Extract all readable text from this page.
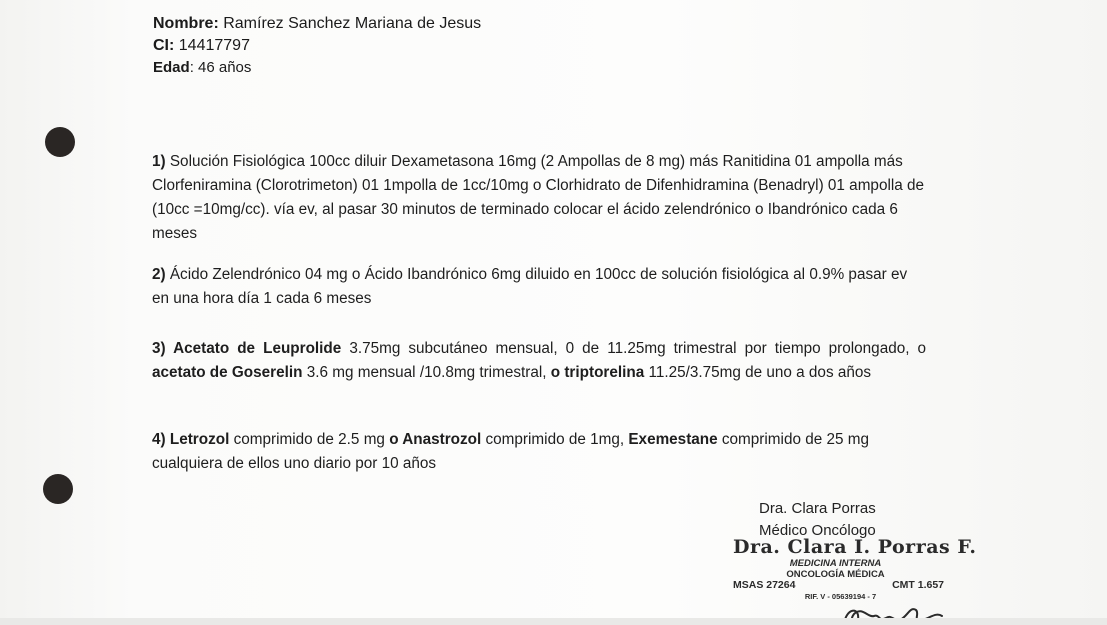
Nombre: Ramírez Sanchez Mariana de Jesus
CI: 14417797
Edad: 46 años
1) Solución Fisiológica 100cc diluir Dexametasona 16mg (2 Ampollas de 8 mg) más Ranitidina 01 ampolla más Clorfeniramina (Clorotrimeton) 01 1mpolla de 1cc/10mg o Clorhidrato de Difenhidramina (Benadryl) 01 ampolla de (10cc =10mg/cc). vía ev, al pasar 30 minutos de terminado colocar el ácido zelendrónico o Ibandrónico cada 6 meses
2) Ácido Zelendrónico 04 mg o Ácido Ibandrónico 6mg diluido en 100cc de solución fisiológica al 0.9% pasar ev en una hora día 1 cada 6 meses
3) Acetato de Leuprolide 3.75mg subcutáneo mensual, 0 de 11.25mg trimestral por tiempo prolongado, o acetato de Goserelin 3.6 mg mensual /10.8mg trimestral, o triptorelina 11.25/3.75mg de uno a dos años
4) Letrozol comprimido de 2.5 mg o Anastrozol comprimido de 1mg, Exemestane comprimido de 25 mg cualquiera de ellos uno diario por 10 años
Dra. Clara Porras
Médico Oncólogo
Dra. Clara I. Porras F.
MEDICINA INTERNA
ONCOLOGÍA MÉDICA
MSAS 27264	CMT 1.657
RIF. V - 05639194 - 7
